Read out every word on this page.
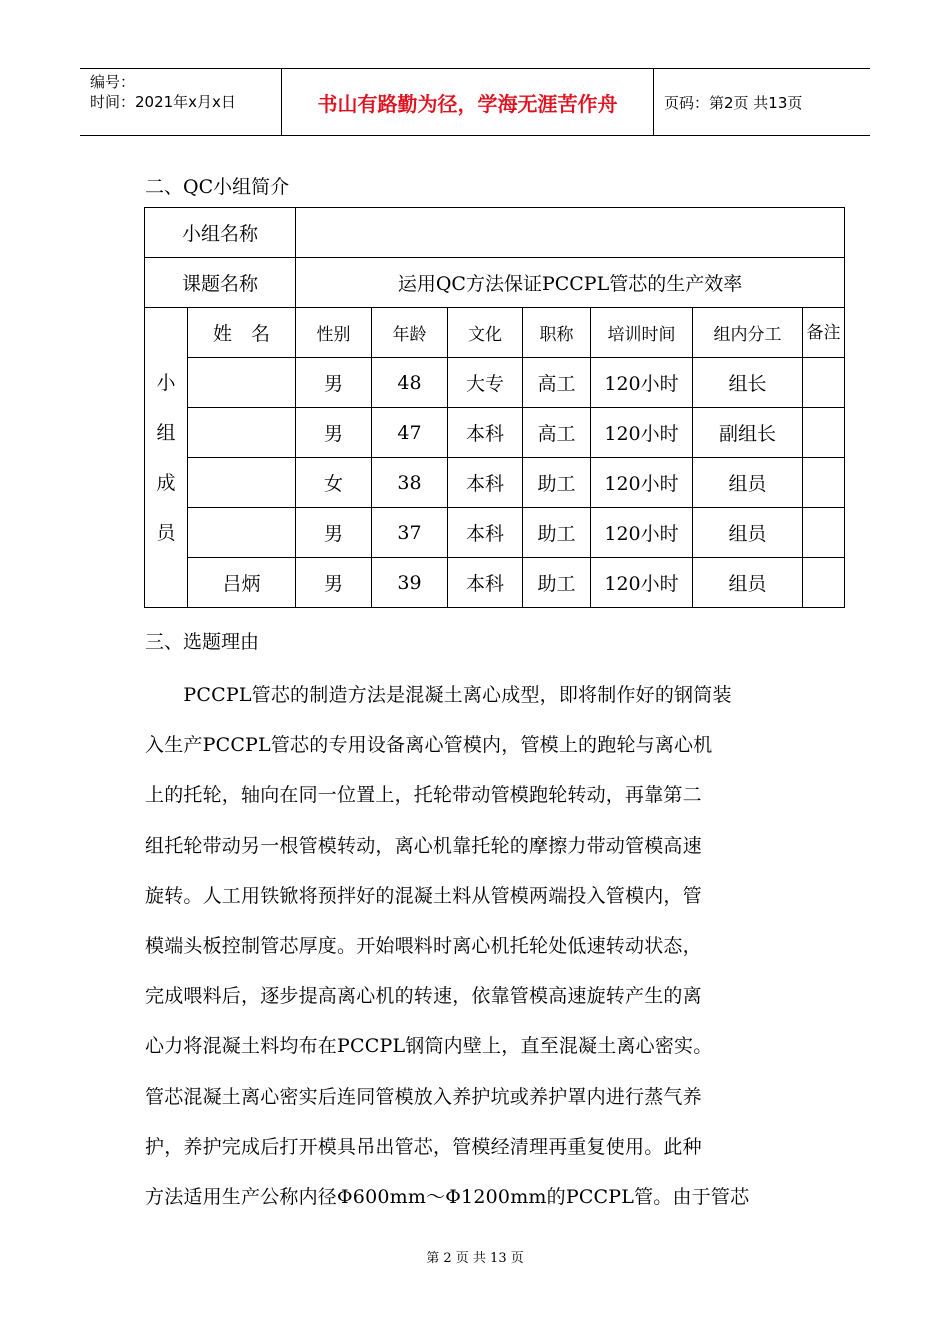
编号：
时间：2021年x月x日	书山有路勤为径，学海无涯苦作舟	页码：第2页 共13页
二、QC小组简介
小组名称								
课题名称		运用QC方法保证PCCPL管芯的生产效率						

小
组
成
员	姓　名	性别	年龄	文化	职称	培训时间	组内分工	备注
		男	48	大专	高工	120小时	组长	
		男	47	本科	高工	120小时	副组长	
		女	38	本科	助工	120小时	组员	
		男	37	本科	助工	120小时	组员	
	吕炳	男	39	本科	助工	120小时	组员	
三、选题理由
　　PCCPL管芯的制造方法是混凝土离心成型，即将制作好的钢筒装
入生产PCCPL管芯的专用设备离心管模内，管模上的跑轮与离心机
上的托轮，轴向在同一位置上，托轮带动管模跑轮转动，再靠第二
组托轮带动另一根管模转动，离心机靠托轮的摩擦力带动管模高速
旋转。人工用铁锨将预拌好的混凝土料从管模两端投入管模内，管
模端头板控制管芯厚度。开始喂料时离心机托轮处低速转动状态，
完成喂料后，逐步提高离心机的转速，依靠管模高速旋转产生的离
心力将混凝土料均布在PCCPL钢筒内壁上，直至混凝土离心密实。
管芯混凝土离心密实后连同管模放入养护坑或养护罩内进行蒸气养
护，养护完成后打开模具吊出管芯，管模经清理再重复使用。此种
方法适用生产公称内径Φ600mm～Φ1200mm的PCCPL管。由于管芯
第 2 页 共 13 页
